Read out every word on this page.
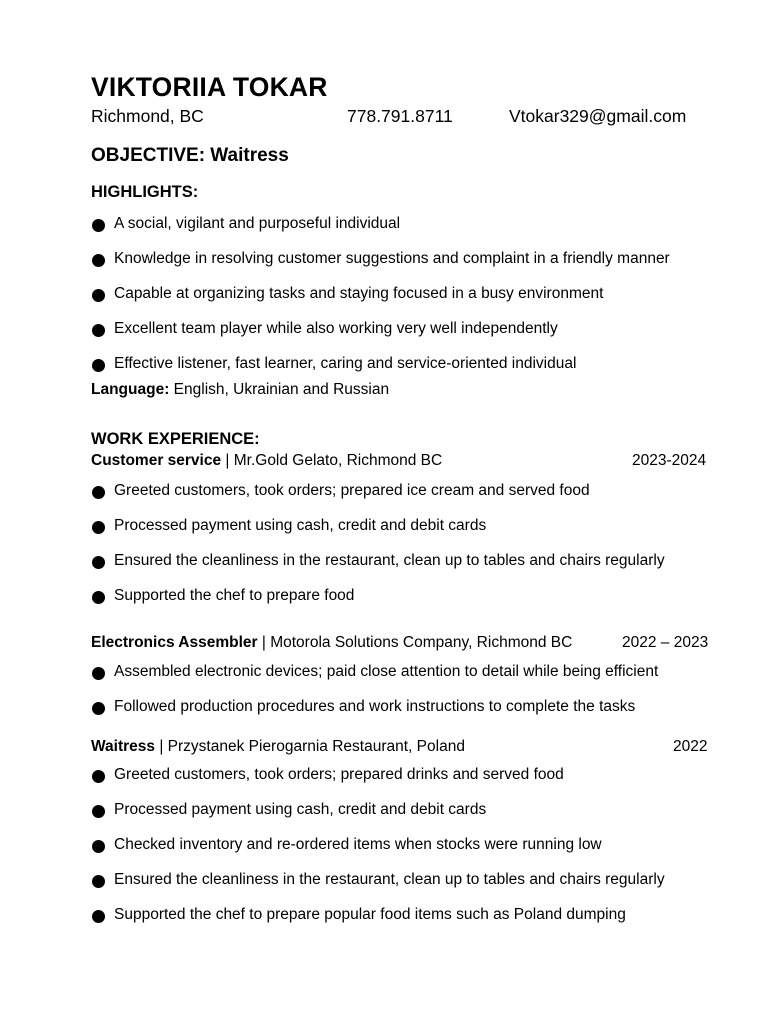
VIKTORIIA TOKAR
Richmond, BC	778.791.8711	Vtokar329@gmail.com
OBJECTIVE: Waitress
HIGHLIGHTS:
A social, vigilant and purposeful individual
Knowledge in resolving customer suggestions and complaint in a friendly manner
Capable at organizing tasks and staying focused in a busy environment
Excellent team player while also working very well independently
Effective listener, fast learner, caring and service-oriented individual
Language: English, Ukrainian and Russian
WORK EXPERIENCE:
Customer service | Mr.Gold Gelato, Richmond BC	2023-2024
Greeted customers, took orders; prepared ice cream and served food
Processed payment using cash, credit and debit cards
Ensured the cleanliness in the restaurant, clean up to tables and chairs regularly
Supported the chef to prepare food
Electronics Assembler | Motorola Solutions Company, Richmond BC	2022 – 2023
Assembled electronic devices; paid close attention to detail while being efficient
Followed production procedures and work instructions to complete the tasks
Waitress | Przystanek Pierogarnia Restaurant, Poland	2022
Greeted customers, took orders; prepared drinks and served food
Processed payment using cash, credit and debit cards
Checked inventory and re-ordered items when stocks were running low
Ensured the cleanliness in the restaurant, clean up to tables and chairs regularly
Supported the chef to prepare popular food items such as Poland dumping
